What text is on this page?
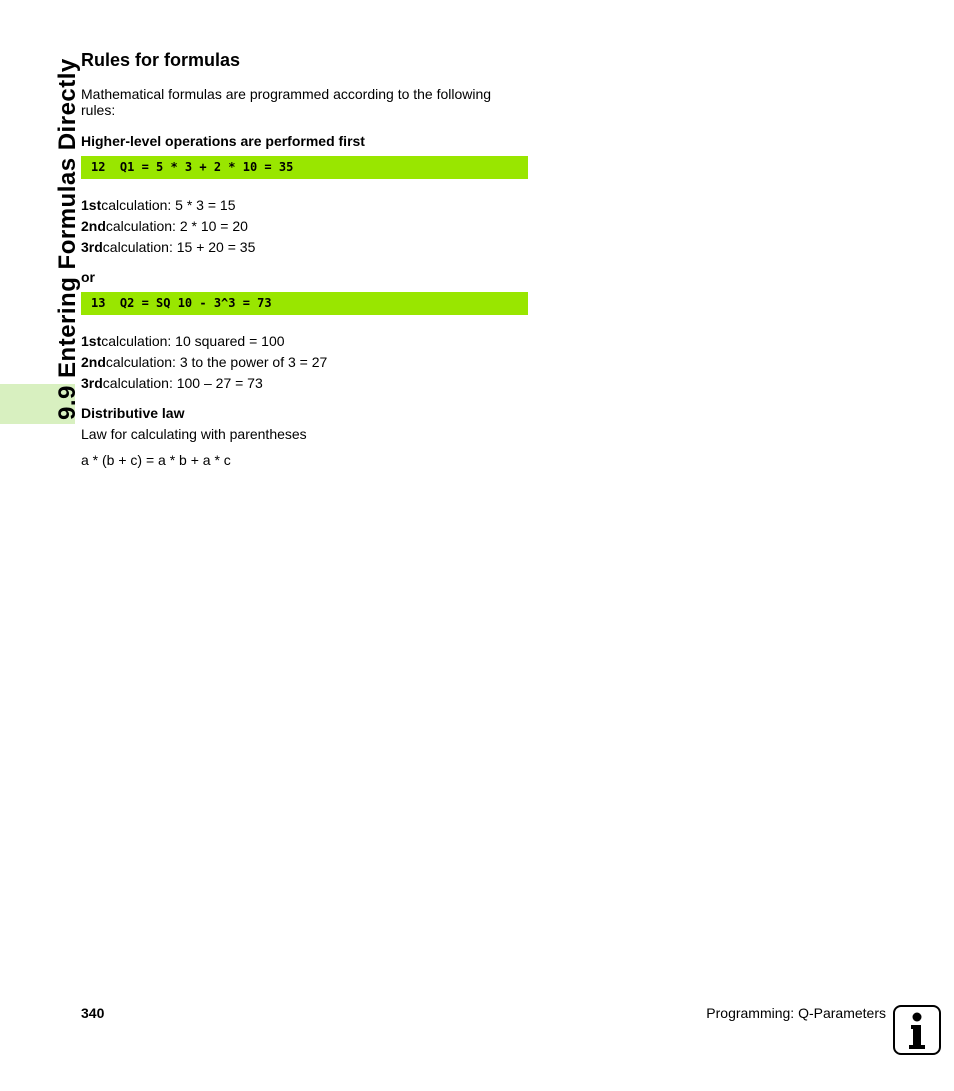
9.9 Entering Formulas Directly Rules for formulas

Mathematical formulas are programmed according to the following rules:

Higher-level operations are performed first

12  Q1 = 5 * 3 + 2 * 10 = 35

1stcalculation: 5 * 3 = 15

2ndcalculation: 2 * 10 = 20

3rdcalculation: 15 + 20 = 35

or

13  Q2 = SQ 10 - 3^3 = 73

1stcalculation: 10 squared = 100

2ndcalculation: 3 to the power of 3 = 27

3rdcalculation: 100 – 27 = 73

Distributive law

Law for calculating with parentheses

a * (b + c) = a * b + a * c

340	Programming: Q-Parameters
